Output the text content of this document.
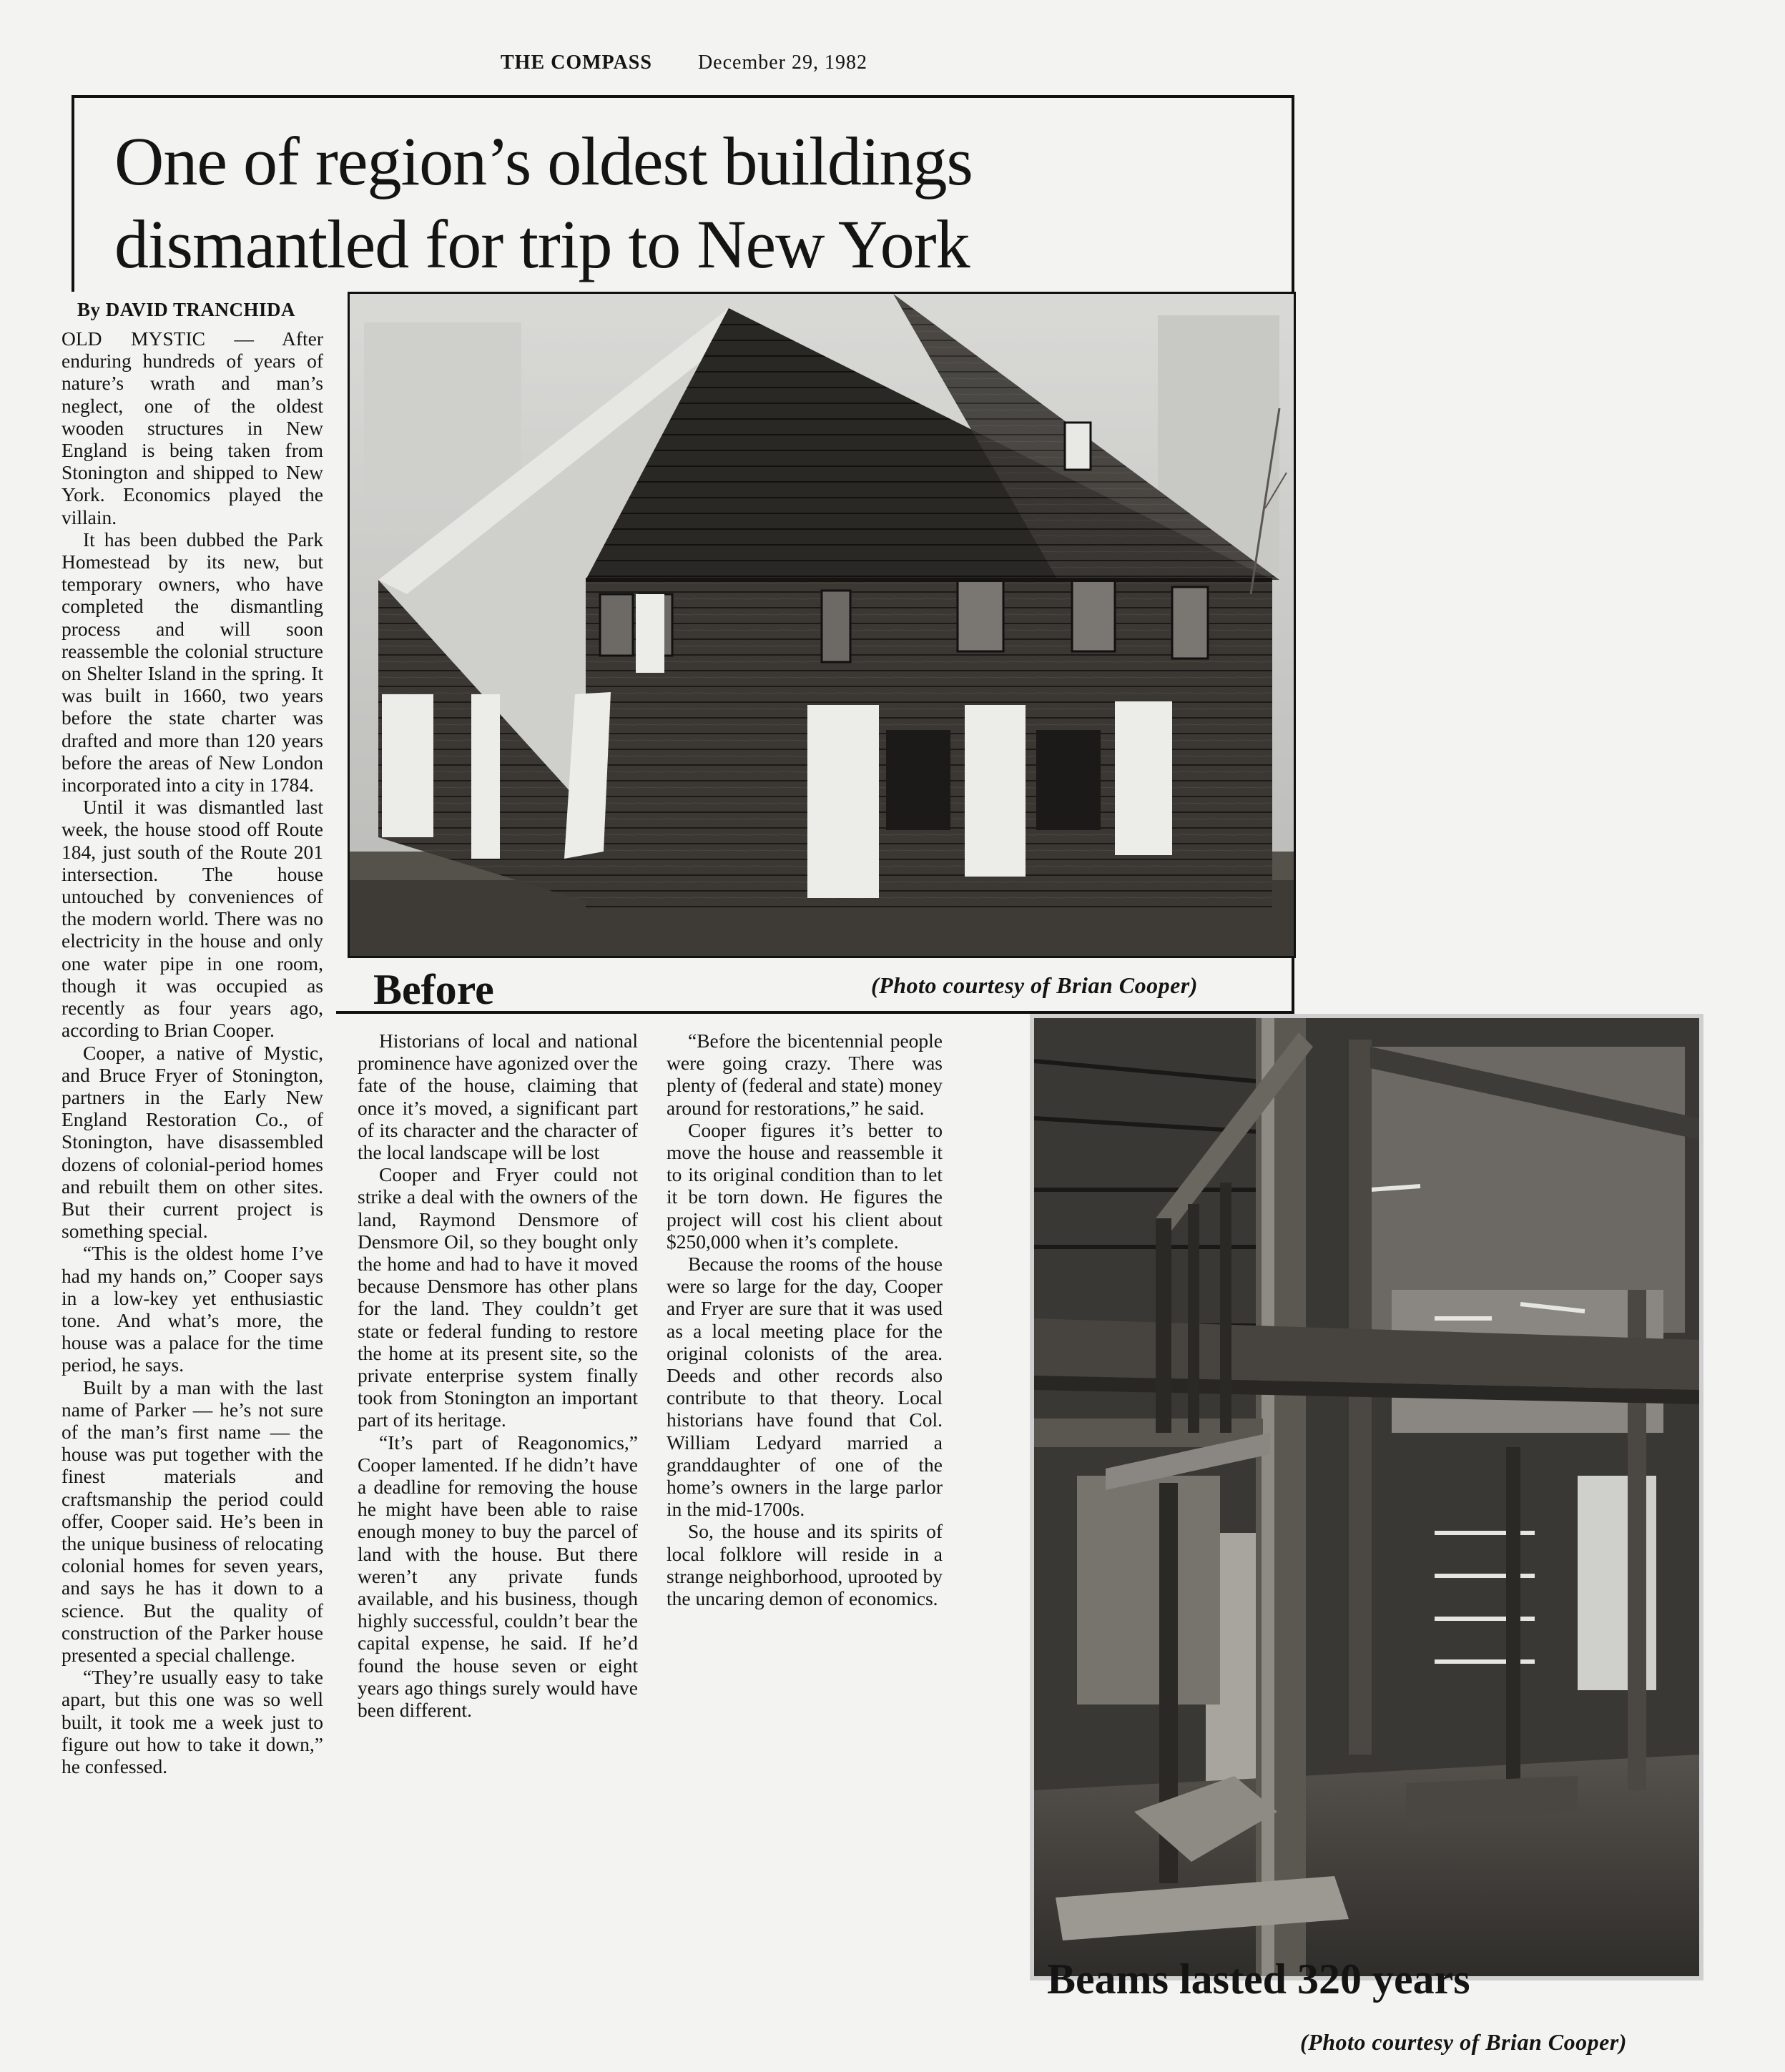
THE COMPASS December 29, 1982
One of region’s oldest buildings dismantled for trip to New York
By DAVID TRANCHIDA

OLD MYSTIC — After enduring hundreds of years of nature’s wrath and man’s neglect, one of the oldest wooden structures in New England is being taken from Stonington and shipped to New York. Economics played the villain.

It has been dubbed the Park Homestead by its new, but temporary owners, who have completed the dismantling process and will soon reassemble the colonial structure on Shelter Island in the spring. It was built in 1660, two years before the state charter was drafted and more than 120 years before the areas of New London incorporated into a city in 1784.

Until it was dismantled last week, the house stood off Route 184, just south of the Route 201 intersection. The house untouched by conveniences of the modern world. There was no electricity in the house and only one water pipe in one room, though it was occupied as recently as four years ago, according to Brian Cooper.

Cooper, a native of Mystic, and Bruce Fryer of Stonington, partners in the Early New England Restoration Co., of Stonington, have disassembled dozens of colonial-period homes and rebuilt them on other sites. But their current project is something special.

“This is the oldest home I’ve had my hands on,” Cooper says in a low-key yet enthusiastic tone. And what’s more, the house was a palace for the time period, he says.

Built by a man with the last name of Parker — he’s not sure of the man’s first name — the house was put together with the finest materials and craftsmanship the period could offer, Cooper said. He’s been in the unique business of relocating colonial homes for seven years, and says he has it down to a science. But the quality of construction of the Parker house presented a special challenge.

“They’re usually easy to take apart, but this one was so well built, it took me a week just to figure out how to take it down,” he confessed.

Historians of local and national prominence have agonized over the fate of the house, claiming that once it’s moved, a significant part of its character and the character of the local landscape will be lost

Cooper and Fryer could not strike a deal with the owners of the land, Raymond Densmore of Densmore Oil, so they bought only the home and had to have it moved because Densmore has other plans for the land. They couldn’t get state or federal funding to restore the home at its present site, so the private enterprise system finally took from Stonington an important part of its heritage.

“It’s part of Reagonomics,” Cooper lamented. If he didn’t have a deadline for removing the house he might have been able to raise enough money to buy the parcel of land with the house. But there weren’t any private funds available, and his business, though highly successful, couldn’t bear the capital expense, he said. If he’d found the house seven or eight years ago things surely would have been different.

“Before the bicentennial people were going crazy. There was plenty of (federal and state) money around for restorations,” he said.

Cooper figures it’s better to move the house and reassemble it to its original condition than to let it be torn down. He figures the project will cost his client about $250,000 when it’s complete.

Because the rooms of the house were so large for the day, Cooper and Fryer are sure that it was used as a local meeting place for the original colonists of the area. Deeds and other records also contribute to that theory. Local historians have found that Col. William Ledyard married a granddaughter of one of the home’s owners in the large parlor in the mid-1700s.

So, the house and its spirits of local folklore will reside in a strange neighborhood, uprooted by the uncaring demon of economics.

Before	(Photo courtesy of Brian Cooper)
Beams lasted 320 years
(Photo courtesy of Brian Cooper)
